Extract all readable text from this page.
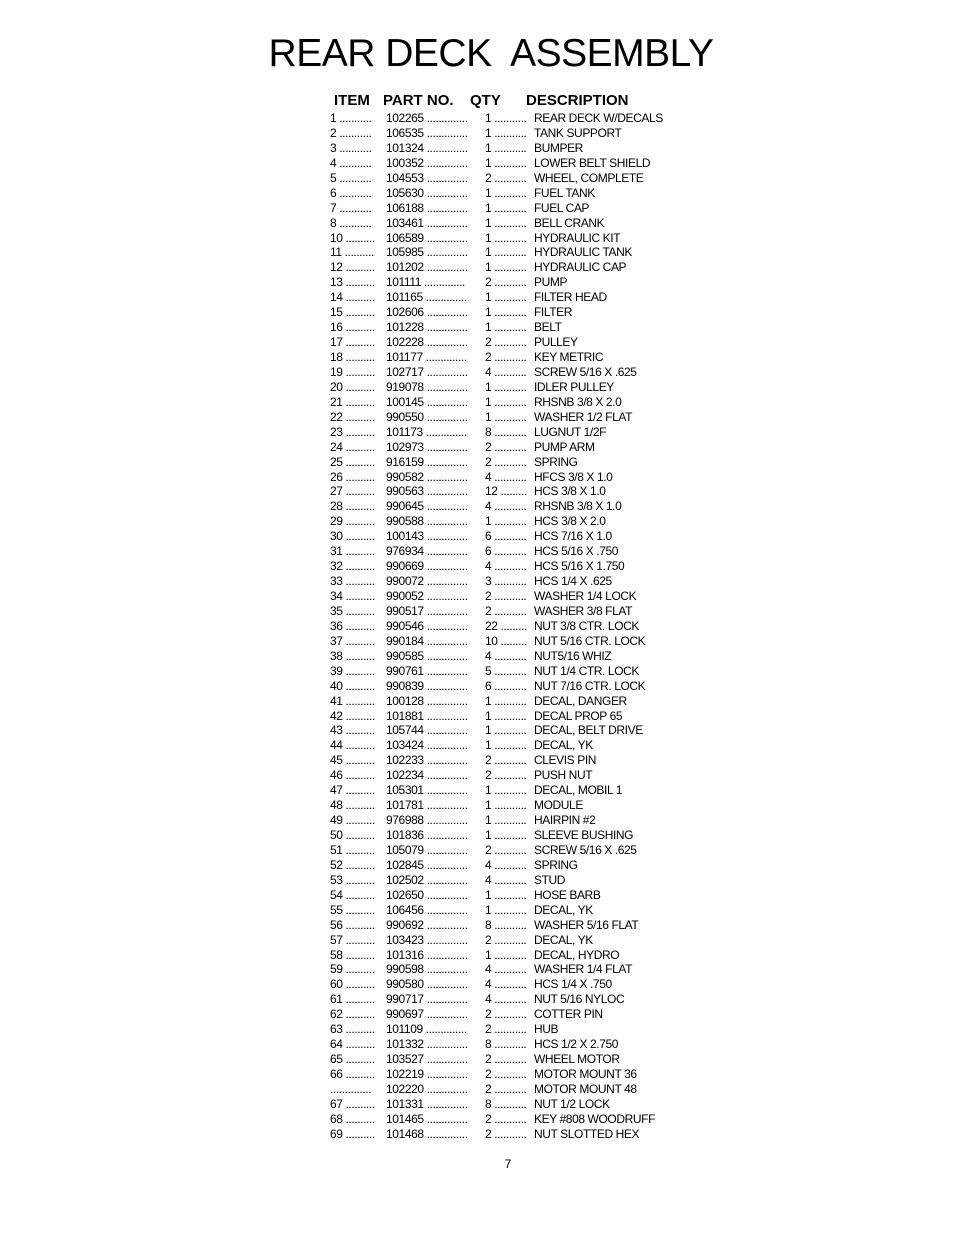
REAR DECK  ASSEMBLY
ITEM PART NO. QTY DESCRIPTION
1 ...........	102265 ..............	1 ........... REAR DECK W/DECALS
2 ...........	106535 ..............	1 ........... TANK SUPPORT
3 ...........	101324 ..............	1 ........... BUMPER
4 ...........	100352 ..............	1 ........... LOWER BELT SHIELD
5 ...........	104553 ..............	2 ........... WHEEL, COMPLETE
6 ...........	105630 ..............	1 ........... FUEL TANK
7 ...........	106188 ..............	1 ........... FUEL CAP
8 ...........	103461 ..............	1 ........... BELL CRANK
10 .......... 106589 ..............	1 ........... HYDRAULIC KIT
11 ..........	105985 ..............	1 ........... HYDRAULIC TANK
12 .......... 101202 ..............	1 ........... HYDRAULIC CAP
13 .......... 101111 ..............	2 ........... PUMP
14 .......... 101165 ..............	1 ........... FILTER HEAD
15 .......... 102606 ..............	1 ........... FILTER
16 .......... 101228 ..............	1 ........... BELT
17 .......... 102228 ..............	2 ........... PULLEY
18 .......... 101177 ..............	2 ........... KEY METRIC
19 .......... 102717 ..............	4 ........... SCREW 5/16 X .625
20 .......... 919078 ..............	1 ........... IDLER PULLEY
21 .......... 100145 ..............	1 ........... RHSNB 3/8 X 2.0
22 .......... 990550 ..............	1 ........... WASHER 1/2 FLAT
23 .......... 101173 ..............	8 ........... LUGNUT 1/2F
24 .......... 102973 ..............	2 ........... PUMP ARM
25 .......... 916159 ..............	2 ........... SPRING
26 .......... 990582 ..............	4 ........... HFCS 3/8 X 1.0
27 .......... 990563 ..............	12 ......... HCS 3/8 X 1.0
28 .......... 990645 ..............	4 ........... RHSNB 3/8 X 1.0
29 .......... 990588 ..............	1 ........... HCS 3/8 X 2.0
30 .......... 100143 ..............	6 ........... HCS 7/16 X 1.0
31 .......... 976934 ..............	6 ........... HCS 5/16 X .750
32 .......... 990669 ..............	4 ........... HCS 5/16 X 1.750
33 .......... 990072 ..............	3 ........... HCS 1/4 X .625
34 .......... 990052 ..............	2 ........... WASHER 1/4 LOCK
35 .......... 990517 ..............	2 ........... WASHER 3/8 FLAT
36 .......... 990546 ..............	22 ......... NUT 3/8 CTR. LOCK
37 .......... 990184 ..............	10 ......... NUT 5/16 CTR. LOCK
38 .......... 990585 ..............	4 ........... NUT5/16 WHIZ
39 .......... 990761 ..............	5 ........... NUT 1/4 CTR. LOCK
40 .......... 990839 ..............	6 ........... NUT 7/16 CTR. LOCK
41 .......... 100128 ..............	1 ........... DECAL, DANGER
42 .......... 101881 ..............	1 ........... DECAL PROP 65
43 .......... 105744 ..............	1 ........... DECAL, BELT DRIVE
44 .......... 103424 ..............	1 ........... DECAL, YK
45 .......... 102233 ..............	2 ........... CLEVIS PIN
46 .......... 102234 ..............	2 ........... PUSH NUT
47 .......... 105301 ..............	1 ........... DECAL, MOBIL 1
48 .......... 101781 ..............	1 ........... MODULE
49 .......... 976988 ..............	1 ........... HAIRPIN #2
50 .......... 101836 ..............	1 ........... SLEEVE BUSHING
51 .......... 105079 ..............	2 ........... SCREW 5/16 X .625
52 .......... 102845 ..............	4 ........... SPRING
53 .......... 102502 ..............	4 ........... STUD
54 .......... 102650 ..............	1 ........... HOSE BARB
55 .......... 106456 ..............	1 ........... DECAL, YK
56 .......... 990692 ..............	8 ........... WASHER 5/16 FLAT
57 .......... 103423 ..............	2 ........... DECAL, YK
58 .......... 101316 ..............	1 ........... DECAL, HYDRO
59 .......... 990598 ..............	4 ........... WASHER 1/4 FLAT
60 .......... 990580 ..............	4 ........... HCS 1/4 X .750
61 .......... 990717 ..............	4 ........... NUT 5/16 NYLOC
62 .......... 990697 ..............	2 ........... COTTER PIN
63 .......... 101109 ..............	2 ........... HUB
64 .......... 101332 ..............	8 ........... HCS 1/2 X 2.750
65 .......... 103527 ..............	2 ........... WHEEL MOTOR
66 .......... 102219 ..............	2 ........... MOTOR MOUNT 36
..............	102220 ..............	2 ........... MOTOR MOUNT 48
67 .......... 101331 ..............	8 ........... NUT 1/2 LOCK
68 .......... 101465 ..............	2 ........... KEY #808 WOODRUFF
69 .......... 101468 ..............	2 ........... NUT SLOTTED HEX
7
